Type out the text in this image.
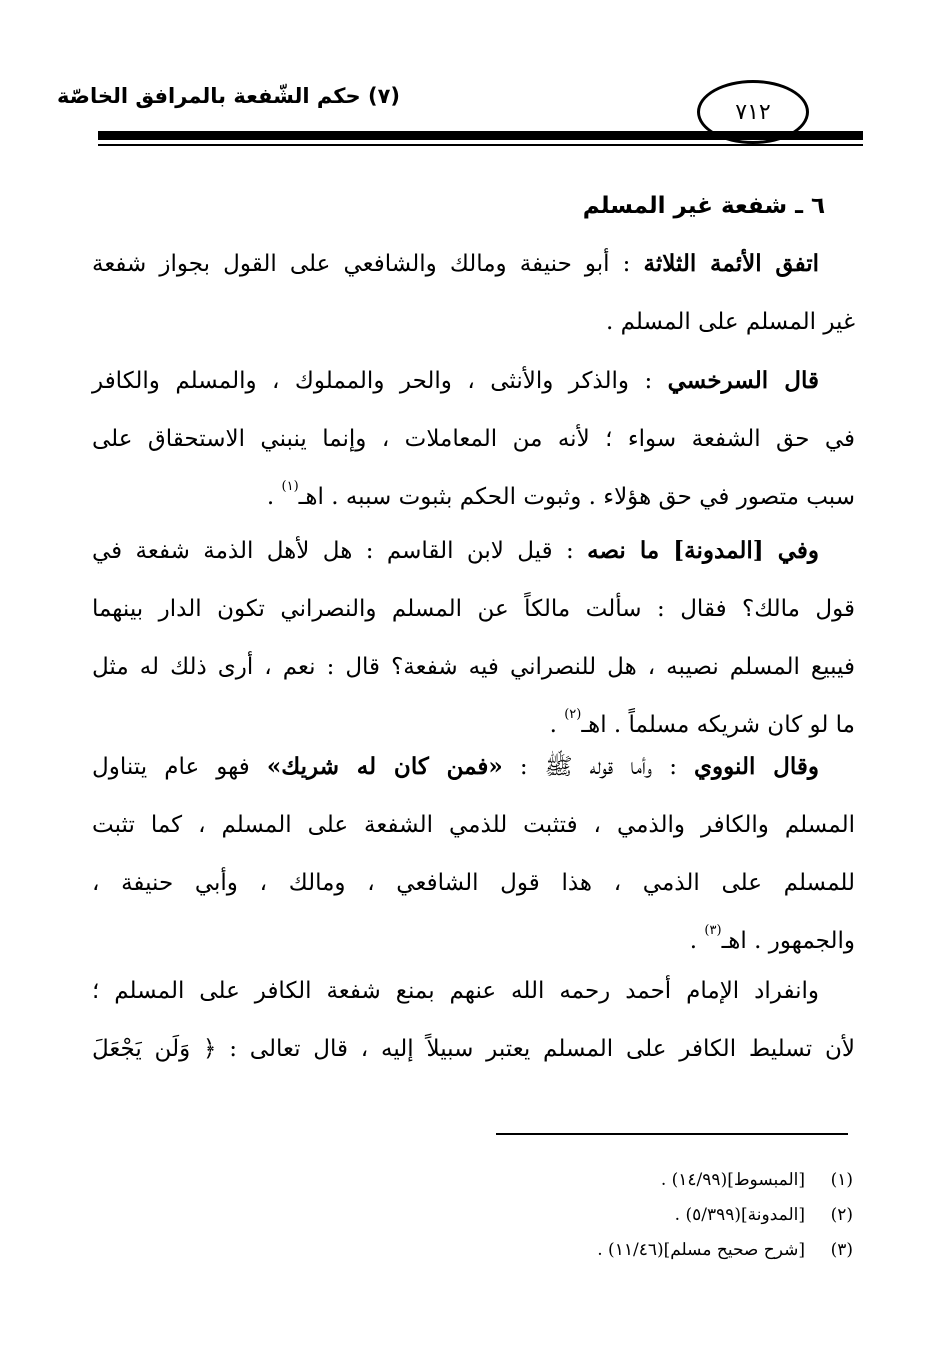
(٧) حكم الشّفعة بالمرافق الخاصّة
٧١٢
٦ ـ شفعة غير المسلم
اتفق الأئمة الثلاثة : أبو حنيفة ومالك والشافعي على القول بجواز شفعة
غير المسلم على المسلم .
قال السرخسي : والذكر والأنثى ، والحر والمملوك ، والمسلم والكافر
في حق الشفعة سواء ؛ لأنه من المعاملات ، وإنما ينبني الاستحقاق على
سبب متصور في حق هؤلاء . وثبوت الحكم بثبوت سببه . اهـ$^{(١)}$ .
وفي [المدونة] ما نصه : قيل لابن القاسم : هل لأهل الذمة شفعة في
قول مالك؟ فقال : سألت مالكاً عن المسلم والنصراني تكون الدار بينهما
فيبيع المسلم نصيبه ، هل للنصراني فيه شفعة؟ قال : نعم ، أرى ذلك له مثل
ما لو كان شريكه مسلماً . اهـ$^{(٢)}$ .
وقال النووي : وأما قوله ﷺ : «فمن كان له شريك» فهو عام يتناول
المسلم والكافر والذمي ، فتثبت للذمي الشفعة على المسلم ، كما تثبت
للمسلم على الذمي ، هذا قول الشافعي ، ومالك ، وأبي حنيفة ،
والجمهور . اهـ$^{(٣)}$ .
وانفراد الإمام أحمد رحمه الله عنهم بمنع شفعة الكافر على المسلم ؛
لأن تسليط الكافر على المسلم يعتبر سبيلاً إليه ، قال تعالى : ﴿ وَلَن يَجْعَلَ
(١)[المبسوط](١٤/٩٩) .
(٢)[المدونة](٥/٣٩٩) .
(٣)[شرح صحيح مسلم](١١/٤٦) .
